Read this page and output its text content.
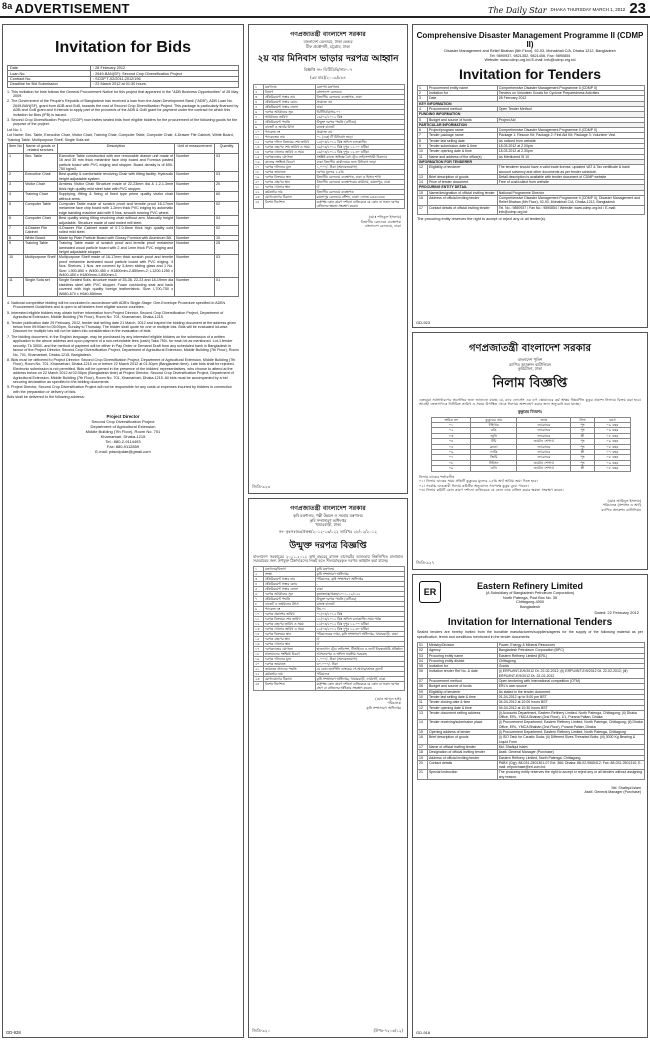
$^{8a}$ ADVERTISEMENT	The Daily Star DHAKA THURSDAY MARCH 1, 2012 23
Invitation for Bids
Date	: 28 February 2012
Loan No.	: 2649-BAN(SF): Second Crop Diversification Project
Contract No.	: SCDP T-02/2011-2012/196
Deadline for Bid Submission	: 22 March 2012 at 01:30 hours.

1. This invitation for bids follows the General Procurement Notice for this project that appeared in the "ADB Business Opportunities" of 26 May 2009.

2. The Government of the People's Republic of Bangladesh has received a loan from the Asian Development Bank ("ADB"), ADB Loan No. 2649-BAN(SF), grant from ADB and GoB, towards the cost of Second Crop Diversification Project. This package is particularly financed by ADB and GoB grant and it intends to apply part of the proceeds of the ADB & GoB grant for payment under the contract for which this invitation for Bids (IFB) is issued.

3. Second Crop Diversification Project (SCDP) now invites sealed bids from eligible bidders for the procurement of the following goods for the purpose of the project:

Lot No: 1
Lot Name: Sec. Table, Executive Chair, Visitor Chair, Training Chair, Computer Table, Computer Chair, 4-Drawer File Cabinet, White Board, Training Table, Multipurpose Shelf, Single Sofa set
Item No	Name of goods or related services	Description	Unit of measurement	Quantity
1	Sec. Table	Executive Table constructed with one removable drawer unit made of 16 and 30 mm thick melamine face chip board and Formica pasted particle board with PVC edging and stopper. Board density is of 650-750 kg/m3.	Number	03
2	Executive Chair	Best quality & comfortable revolving Chair with tilting facility. Hydraulic height adjustable system.	Number	03
3	Visitor Chair	Armless Visitor Chair Structure made of 22-23mm dia & 1.2-1.3mm thick high quality mild steel tube with PVC stopper.	Number	20
4	Training Chair	Supplying, fitting & fixing of fixed type prime quality visitor chair without arms.	Number	60
5	Computer Table	Computer Table made of scratch proof and termite proof 16-17mm melamine face chip board with 1-2mm thick PVC edging by automatic edge banding machine add with 5 Nos. smooth running PVC wheel.	Number	02
6	Computer Chair	Best quality swing tilting revolving chair without arm. Manually height adjustable. Structure made of cast moled mill steel.	Number	04
7	4-Drawer File Cabinet	4-Drawer File Cabinet made of 0.7-0.8mm thick high quality cold rolled mild steel.	Number	02
8	White Board	Made by Plain Particle Board with Glossy Formica with Aluminum Bit.	Number	10
9	Training Table	Training Table made of scratch proof and termite proof melamine laminated wood particle board with 2 and 1mm thick PVC edging and height adjustable stopper.	Number	25
10	Multipurpose Shelf	Multipurpose Shelf made of 16-17mm thick scratch proof and termite proof melamine laminated wood particle board with PVC edging. 4 Nos. Shelves, 1 Nos. are covered by 3-4mm sliding glass and 1 No. Size: L900-850 x W400-450 x H1800mm-2-850mm-2; L1200-1250 x W400-450 x H1800mm-1-850mm-1	Number	03
11	Single Sofa set	Single Seated Sofa, structure made of 35-36, 22-23 and 18-19mm dia stainless steel with PVC stopper. Foam cushioning seat and back covered with high quality foreign leatherfabric. Size: L700-750 x W680-670 x H640-650mm	Number	01

4. National competitive bidding will be conducted in accordance with ADB's Single-Stage: One-Envelope Procedure specified in ADB's Procurement Guidelines and is open to all bidders from eligible source countries.

5. Interested eligible bidders may obtain further information from Project Director, Second Crop Diversification Project, Department of Agricultural Extension, Middle Building (7th Floor), Room No. 701, Khamarbari, Dhaka-1215.

6. Tender publication date 29 February, 2012, tender last selling date 21 March, 2012 and inspect the bidding document at the address given below from 09:00am to 05:00pm, Sunday to Thursday. The bidder shall quote for one or multiple lots. Bids will be evaluated lot-wise. Discount for multiple lots will not be taken into consideration in the evaluation of bids.

7. The bidding document, in the English language, may be purchased by any interested eligible bidders on the submission of a written application to the above address and upon payment of a non-refundable fees (cash) Taka 750/- for each lot as mentioned. Lot-1 tender security: Tk 3000/- and the method of payment will be either in Pay Order or Demand Draft from any scheduled bank in Bangladesh in favour of the Project Director, Second Crop Diversification Project, Department of Agricultural Extension, Middle Building (7th Floor), Room No. 701, Khamarbari, Dhaka-1215, Bangladesh.

8. Bids must be delivered to Project Director: Second Crop Diversification Project, Department of Agricultural Extension, Middle Building (7th Floor), Room No. 701, Khamarbari, Dhaka-1215 on or before 22 March 2012 at 01:30pm (Bangladesh time). Late bids shall be rejected. Electronic submission is not permitted. Bids will be opened in the presence of the bidders' representatives, who choose to attend at the address below on 22 March 2012 at 02:00pm (Bangladesh time) at Project Director, Second Crop Diversification Project, Department of Agricultural Extension, Middle Building (7th Floor), Room No. 701, Khamarbari, Dhaka-1215. All bids must be accompanied by a bid securing declaration as specified in the bidding documents.

9. Project Director, Second Crop Diversification Project will not be responsible for any costs or expenses incurred by bidders in connection with the preparation or delivery of bids.

Bids shall be delivered to the following address:

Project Director
Second Crop Diversification Project
Department of Agricultural Extension
Middle Building (7th Floor), Room No. 701
Khamarbari, Dhaka-1215
Tel.: 880-2-9114493
Fax: 880-9112859
E-mail: pdscdpdae@gmail.com
GD-928
গণপ্রজাতন্ত্রী বাংলাদেশ সরকার
বাংলাদেশ রেলওয়ে, ঢাকা ভেন্ডর
চীফ প্রকৌশলী, চট্টগ্রাম, ঢাকা
২য় বার মিনিবাস ভাড়ার দরপত্র আহ্বান
বিজ্ঞপ্তি নং- ডিটিডিবি/সাম-০৭
(৩য় বার)/২০০৯/৮৮৪
১	মন্ত্রণালয়	রেলপথ মন্ত্রণালয়
২	বিভাগ	বাংলাদেশ রেলওয়ে
৩	প্রকিউরমেন্ট সত্তার নাম	বিভাগীয় রেলওয়ে ব্যবস্থাপক, ঢাকা
৪	প্রকিউরমেন্ট সত্তার কোড	প্রযোজ্য নয়
৫	প্রকিউরমেন্ট সত্তার জেলা	ঢাকা
৬	দরপত্র আহ্বানের সূত্র	ডিটিডিবি/সাম-০৭
৭	আহ্বানের তারিখ	২৬/০২/২০১২ খ্রিঃ
৮	প্রকিউরমেন্ট পদ্ধতি	উন্মুক্ত দরপত্র পদ্ধতি (ওটিএম)
৯	বাজেট ও অর্থের উৎস	রাজস্ব বাজেট
১০	প্যাকেজ নং	প্রযোজ্য নয়
১১	প্যাকেজের নাম	০১ (এক) টি মিনিবাস ভাড়া
১২	দরপত্র দলিল বিক্রয়ের শেষ তারিখ	২৫/০৩/২০১২ খ্রিঃ অফিস চলাকালীন
১৩	দরপত্র গ্রহণের শেষ তারিখ ও সময়	২৬/০৩/২০১২ খ্রিঃ দুপুর ১২.০০ ঘটিকা
১৪	দরপত্র খোলার তারিখ ও সময়	২৬/০৩/২০১২ খ্রিঃ দুপুর ১২.৩০ ঘটিকা
১৫	দরপত্রদাতার যোগ্যতা	সংশ্লিষ্ট কাজে অভিজ্ঞ বৈধ ট্রেড লাইসেন্সধারী ঠিকাদার
১৬	কাজের সংক্ষিপ্ত বিবরণ	ঢাকা বিভাগীয় কার্যালয়ের জন্য মিনিবাস ভাড়া
১৭	দরপত্র দলিলের মূল্য	১,০০০/- টাকা (অফেরতযোগ্য)
১৮	দরপত্র জামানত	দরপত্র মূল্যের ২.৫%
১৯	দরপত্র বিক্রয়ের স্থান	বিভাগীয় রেলওয়ে ব্যবস্থাপক, ঢাকা ও হিসাব শাখা
২০	দরপত্র গ্রহণের স্থান	বিভাগীয় রেলওয়ে ব্যবস্থাপকের কার্যালয়, কমলাপুর, ঢাকা
২১	দরপত্র খোলার স্থান	ঐ
২২	কর্মকর্তার নাম	বিভাগীয় রেলওয়ে ব্যবস্থাপক
২৩	যোগাযোগের ঠিকানা	কমলাপুর রেলওয়ে স্টেশন, ঢাকা। ফোনঃ ৯৩৫৮৬৩৪
২৪	বিশেষ নির্দেশনা	কর্তৃপক্ষ কোন কারণ দর্শানো ব্যতিরেকে যে কোন বা সকল দরপত্র বাতিলের ক্ষমতা সংরক্ষণ করেন।
(মোঃ শফিকুল ইসলাম)
বিভাগীয় রেলওয়ে ব্যবস্থাপক
বাংলাদেশ রেলওয়ে, ঢাকা
জিডি-৯২৩
গণপ্রজাতন্ত্রী বাংলাদেশ সরকার
কৃষি মন্ত্রণালয়, পল্লী উন্নয়ন ও সমবায় মন্ত্রণালয়
কৃষি সম্প্রসারণ অধিদপ্তর
খামারবাড়ী, ঢাকা
নং- কৃঃসঃঅঃ/প্রকল্প/২০১২-১৩/১২২ তারিখঃ ২৮/০২/২০১২
উন্মুক্ত দরপত্র বিজ্ঞপ্তি
বাংলাদেশ সরকারের ২০১১-২০১২ অর্থ বছরের রাজস্ব বাজেটের আওতায় নিম্নলিখিত মালামাল সরবরাহের জন্য উপযুক্ত ঠিকাদারদের নিকট হতে সীলমোহরকৃত দরপত্র আহ্বান করা যাচ্ছে।
১	মন্ত্রণালয়/বিভাগ	কৃষি মন্ত্রণালয়
২	সংস্থা	কৃষি সম্প্রসারণ অধিদপ্তর
৩	প্রকিউরমেন্ট সত্তার নাম	পরিচালক, কৃষি সম্প্রসারণ অধিদপ্তর
৪	প্রকিউরমেন্ট সত্তার কোড	-
৫	প্রকিউরমেন্ট সত্তার জেলা	ঢাকা
৬	দরপত্র আহ্বানের সূত্র	কৃঃসঃঅঃ/প্রকল্প/২০১১-১২/১২২
৭	প্রকিউরমেন্ট পদ্ধতি	উন্মুক্ত দরপত্র পদ্ধতি (ওটিএম)
৮	বাজেট ও তহবিলের উৎস	রাজস্ব বাজেট
৯	প্যাকেজ নং	জি-০১
১০	দরপত্র প্রকাশের তারিখ	০১/০৩/২০১২ খ্রিঃ
১১	দরপত্র বিক্রয়ের শেষ তারিখ	২১/০৩/২০১২ খ্রিঃ অফিস চলাকালীন সময় পর্যন্ত
১২	দরপত্র গ্রহণের তারিখ ও সময়	২২/০৩/২০১২ খ্রিঃ দুপুর ১২.০০ ঘটিকা
১৩	দরপত্র খোলার তারিখ ও সময়	২২/০৩/২০১২ খ্রিঃ দুপুর ১২.৩০ ঘটিকা
১৪	দরপত্র বিক্রয়ের স্থান	পরিচালকের দপ্তর, কৃষি সম্প্রসারণ অধিদপ্তর, খামারবাড়ী, ঢাকা
১৫	দরপত্র গ্রহণের স্থান	ঐ
১৬	দরপত্র খোলার স্থান	ঐ
১৭	দরপত্রদাতার যোগ্যতা	হালনাগাদ ট্রেড লাইসেন্স, টিআইএন ও ভ্যাট নিবন্ধনধারী প্রতিষ্ঠান
১৮	মালামালের সংক্ষিপ্ত বিবরণ	আসবাবপত্র ও অফিস সরঞ্জাম সরবরাহ
১৯	দরপত্র দলিলের মূল্য	১,০০০/- টাকা (অফেরতযোগ্য)
২০	দরপত্র জামানত	৩০,০০০/- টাকা
২১	জামানত প্রদানের পদ্ধতি	যে কোন তফসিলি ব্যাংকের পে-অর্ডার/ব্যাংক ড্রাফট
২২	কর্মকর্তার নাম	পরিচালক
২৩	যোগাযোগের ঠিকানা	কৃষি সম্প্রসারণ অধিদপ্তর, খামারবাড়ী, ফার্মগেট, ঢাকা
২৪	বিশেষ নির্দেশনা	কর্তৃপক্ষ কোন কারণ দর্শানো ব্যতিরেকে যে কোন বা সকল দরপত্র গ্রহণ বা বাতিলের অধিকার সংরক্ষণ করেন।
(মোঃ আব্দুল হাই)
পরিচালক
কৃষি সম্প্রসারণ অধিদপ্তর
জিডি-৯২০	(উপঃ-৭২০৬/১২)
Comprehensive Disaster Management Programme II (CDMP II)
Disaster Management and Relief Bhaban (6th Floor), 92-93, Mohakhali C/A, Dhaka 1212, Bangladesh
Tel: 9890937, 9821352, 9821406, Fax: 9890854
Website: www.cdmp.org.bd E-mail: info@cdmp.org.bd
Invitation for Tenders
1	Procurement entity name	Comprehensive Disaster Management Programme II (CDMP II)
2	Invitation for	Tenders on Volunteer Goods for Cyclone Preparedness Activities
3	Date	28 February 2012
KEY INFORMATION		
4	Procurement method	Open Tender Method
FUNDING INFORMATION		
5	Budget and source of funds	Project Aid
PARTICULAR INFORMATION		
6	Project/program name	Comprehensive Disaster Management Programme II (CDMP II)
7	Tender package name	Package 1: Rescue Kit; Package 2: First Aid Kit; Package 3: Volunteer Vest
8	Tender last selling date	As noticed from website
9	Tender submission date & time	18.03.2012 at 2.00pm
10	Tender opening date & time	18.03.2012 at 2.30pm
11	Name and address of the office(s)	As Mentioned Sl 10
INFORMATION FOR TENDERER		
12	Eligibility of tenderer	The tenderer should have a valid trade license, updated VAT & Tax certificate & bank account solvency and other documents as per tender schedule.
13	Brief description of goods	Detail description is available with tender document of CDMP website
14	Price of tender document	Free of cost/collect from website
PROCURING ENTITY DETAIL		
15	Name/designation of official inviting tender	National Programme Director
16	Address of official inviting tender	Comprehensive Disaster Management Programme II (CDMP II), Disaster Management and Relief Bhaban (6th Floor), 92-93, Mohakhali C/A, Dhaka-1212, Bangladesh
17	Contact details of official inviting tender	Tel. No.: 9890937 / Fax No.: 9890854 / Website: www.cdmp.org.bd / E-mail: info@cdmp.org.bd
The procuring entity reserves the right to accept or reject any or all tender(s).
GD-923
গণপ্রজাতন্ত্রী বাংলাদেশ সরকার
বাংলাদেশ পুলিশ
র‍্যাপিড অ্যাকশন ব্যাটালিয়ন
কুর্মিটোলা, ঢাকা
নিলাম বিজ্ঞপ্তি
এতদ্বারা সর্বসাধারণের অবগতির জন্য জানানো যাচ্ছে যে, র‍্যাব ফোর্সেস এর ডগ স্কোয়াডের কর্ম অক্ষম নিম্নবর্ণিত কুকুর প্রকাশ্য নিলামে বিক্রয় করা হবে। আগ্রহী ক্রেতাগণকে নির্ধারিত তারিখ ও সময়ে উপস্থিত থেকে নিলামে অংশগ্রহণ করার জন্য অনুরোধ করা যাচ্ছে।
কুকুরের বিবরণঃ
ক্রমিক নং	কুকুরের নাম	জাত	লিঙ্গ	বয়স
০১	টাইগার	ল্যাব্রাডর	পুং	০৯ বছর
০২	রকি	ল্যাব্রাডর	পুং	০৯ বছর
০৩	জুলি	ল্যাব্রাডর	স্ত্রী	০৮ বছর
০৪	টমি	জার্মান শেপার্ড	পুং	০৯ বছর
০৫	ব্রুনো	ল্যাব্রাডর	পুং	০৮ বছর
০৬	লাকি	ল্যাব্রাডর	স্ত্রী	০৭ বছর
০৭	জিমি	ল্যাব্রাডর	পুং	০৮ বছর
০৮	টাইসন	জার্মান শেপার্ড	পুং	০৯ বছর
০৯	ডলি	জার্মান শেপার্ড	স্ত্রী	০৮ বছর
নিলাম ডাকের শর্তাবলীঃ
০১। নিলাম ডাকের সময় প্রতিটি কুকুরের মূল্যের ২৫% অর্থ অগ্রিম জমা দিতে হবে।
০২। সর্বোচ্চ ডাককারী নিলাম কমিটির অনুমোদন সাপেক্ষে কুকুর বুঝে পাবেন।
০৩। নিলাম কমিটি কোন কারণ দর্শানো ব্যতিরেকে যে কোন ডাক বাতিল করার ক্ষমতা সংরক্ষণ করেন।
(মোঃ আমিনুল ইসলাম)
পরিচালক (প্রশাসন ও অর্থ)
র‍্যাপিড অ্যাকশন ব্যাটালিয়ন
জিডি-৯২৭
ER
Eastern Refinery Limited
(A Subsidiary of Bangladesh Petroleum Corporation)
North Patenga, Post Box No. 35
Chittagong-4000
Bangladesh
Dated: 22 February 2012
Invitation for International Tenders
Sealed tenders are hereby invited from the bonafide manufacturers/suppliers/agents for the supply of the following material as per specification, terms and conditions mentioned in the tender documents:
01	Ministry/Division	Power, Energy & Mineral Resources
02	Agency	Bangladesh Petroleum Corporation (BPC)
03	Procuring entity name	Eastern Refinery Limited (ERL)
04	Procuring entity district	Chittagong
05	Invitation for	Goods
06	Invitation tender Ref No. & date	(i) ERPU/INT-E/9/2012 Dt. 22-02-2012; (ii) ERPU/INT-E/9/2012 Dt. 22-02-2012; (iii) ERPU/INT-E/9/2012 Dt. 22-02-2012
07	Procurement method	Open tendering with international competition (OTM)
08	Budget and source of funds	ERL's own source
09	Eligibility of tenderer	As stated in the tender document
10	Tender last selling date & time	01-04-2012 up to 5:00 pm BST
11	Tender closing date & time	04-04-2012 at 10:00 hours BST
12	Tender opening date & time	04-04-2012 at 10:30 hours BST
13	Tender document selling address	(i) Accounts Department, Eastern Refinery Limited, North Patenga, Chittagong; (ii) Dhaka Office, ERL, YMCA Bhaban (2nd Floor), 1/1, Purana Paltan, Dhaka
14	Tender receiving/submission place	(i) Procurement Department, Eastern Refinery Limited, North Patenga, Chittagong; (ii) Dhaka Office, ERL, YMCA Bhaban (2nd Floor), Purana Paltan, Dhaka
15	Opening address of tender	(i) Procurement Department, Eastern Refinery Limited, North Patenga, Chittagong
16	Brief description of goods	(i) ISO Tank for Caustic Soda; (ii) Different Sizes Threaded Bolts; (iii) 3000 Kg Bearing & Liquid Form
17	Name of official inviting tender	Md. Shafiqul Islam
18	Designation of official inviting tender	Asstt. General Manager (Purchase)
19	Address of official inviting tender	Eastern Refinery Limited, North Patenga, Chittagong
20	Contact details	PABX (Ctg): 88-031-2501301-07 Ext. 366; Dhaka: 88-02-9565412; Fax: 88-031-2501310; E-mail: erlpurchase@erl.com.bd
21	Special instruction	The procuring entity reserves the right to accept or reject any or all tenders without assigning any reason.
Md. Shafiqul Islam
Asstt. General Manager (Purchase)
GD-918
